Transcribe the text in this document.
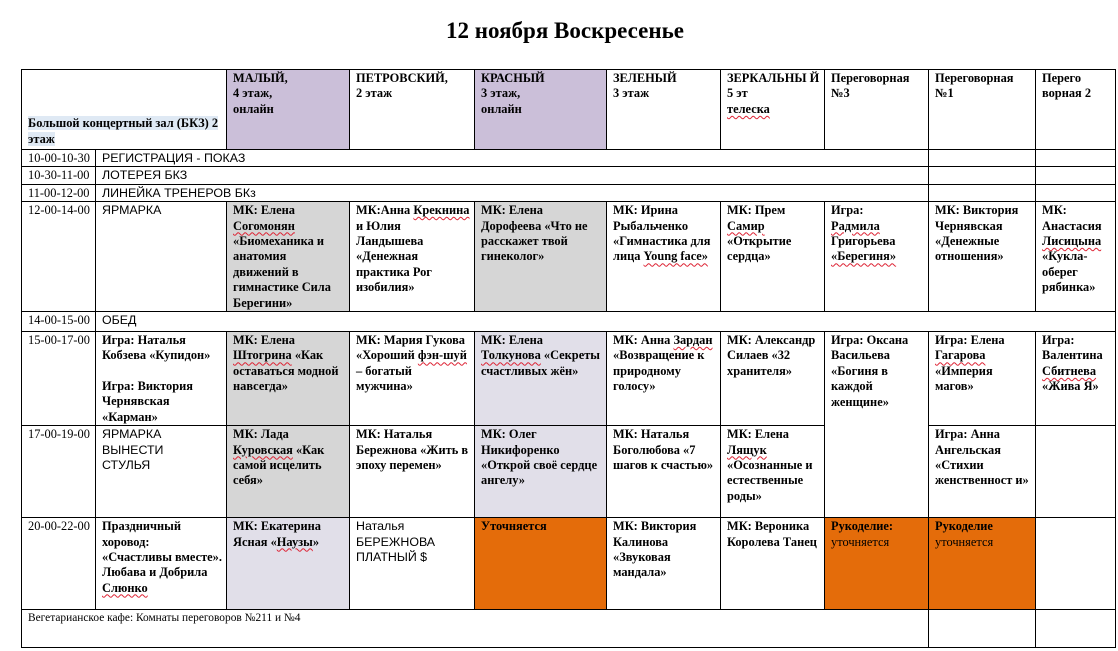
12 ноября Воскресенье
Большой концертный зал (БКЗ) 2 этаж		МАЛЫЙ,
4 этаж,
онлайн	ПЕТРОВСКИЙ,
2 этаж	КРАСНЫЙ
3 этаж,
онлайн	ЗЕЛЕНЫЙ
3 этаж	ЗЕРКАЛЬНЫ Й
5 эт
телеска	Переговорная №3	Переговорная №1	Перего ворная 2
10-00-10-30	РЕГИСТРАЦИЯ - ПОКАЗ								
10-30-11-00	ЛОТЕРЕЯ БКЗ								
11-00-12-00	ЛИНЕЙКА ТРЕНЕРОВ БКз								
12-00-14-00	ЯРМАРКА	МК: Елена Согомонян «Биомеханика и анатомия движений в гимнастике Сила Берегини»	МК:Анна Крекнина и Юлия Ландышева «Денежная практика Рог изобилия»	МК: Елена Дорофеева «Что не расскажет твой гинеколог»	МК: Ирина Рыбальченко «Гимнастика для лица Young face»	МК: Прем Самир «Открытие сердца»	Игра:
Радмила
Григорьева
«Берегиня»	МК: Виктория Чернявская «Денежные отношения»	МК: Анастасия Лисицына «Кукла-оберег рябинка»
14-00-15-00	ОБЕД								
15-00-17-00	Игра: Наталья Кобзева «Купидон»
Игра: Виктория Чернявская «Карман»	МК: Елена Штогрина «Как оставаться модной навсегда»	МК: Мария Гукова «Хороший фэн-шуй – богатый мужчина»	МК: Елена Толкунова «Секреты счастливых жён»	МК: Анна Зардан «Возвращение к природному голосу»	МК: Александр Силаев «32 хранителя»	Игра: Оксана Васильева «Богиня в каждой женщине»	Игра: Елена Гагарова «Империя магов»	Игра: Валентина Сбитнева «Жива Я»
17-00-19-00	ЯРМАРКА
ВЫНЕСТИ
СТУЛЬЯ	МК: Лада Куровская «Как самой исцелить себя»	МК: Наталья Бережнова «Жить в эпоху перемен»	МК: Олег Никифоренко «Открой своё сердце ангелу»	МК: Наталья Боголюбова «7 шагов к счастью»	МК: Елена Лящук «Осознанные и естественные роды»		Игра: Анна Ангельская «Стихии женственност и»	
20-00-22-00	Праздничный хоровод: «Счастливы вместе». Любава и Добрила Слюнко	МК: Екатерина Ясная «Наузы»	Наталья
БЕРЕЖНОВА
ПЛАТНЫЙ $	Уточняется	МК: Виктория Калинова «Звуковая мандала»	МК: Вероника Королева Танец	Рукоделие:
уточняется	Рукоделие
уточняется	

Вегетарианское кафе: Комнаты переговоров №211 и №4									
